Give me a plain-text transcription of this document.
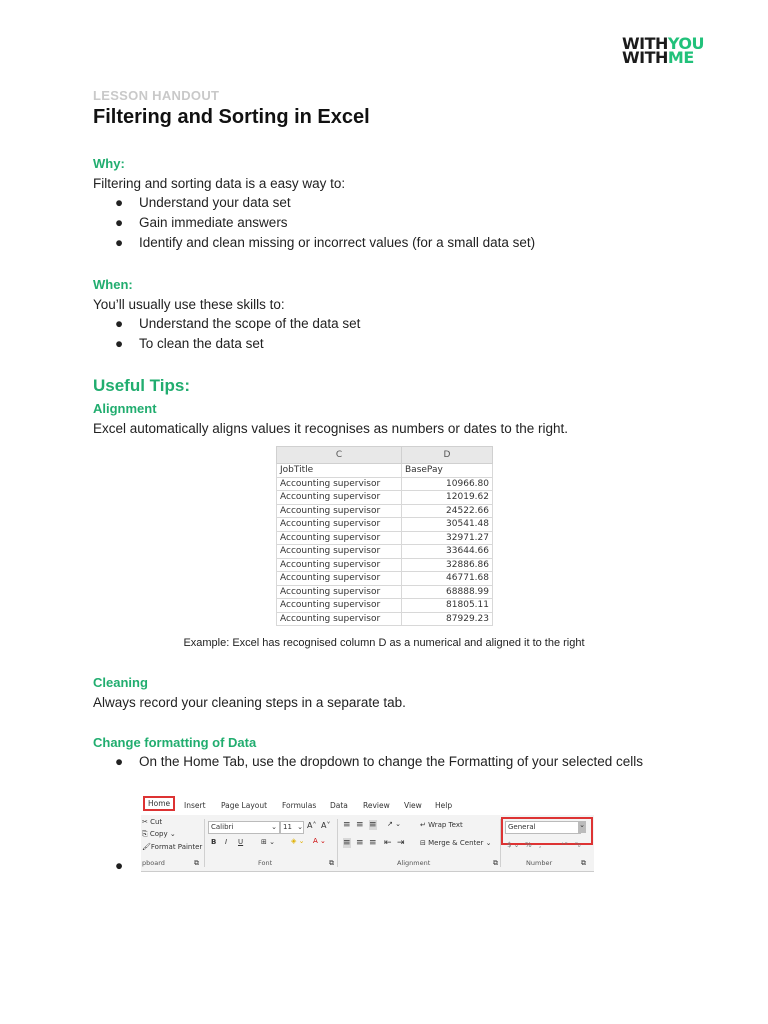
WITHYOU
WITHME
LESSON HANDOUT
Filtering and Sorting in Excel
Why:
Filtering and sorting data is a easy way to:
● Understand your data set
● Gain immediate answers
● Identify and clean missing or incorrect values (for a small data set)
When:
You’ll usually use these skills to:
● Understand the scope of the data set
● To clean the data set
Useful Tips:
Alignment
Excel automatically aligns values it recognises as numbers or dates to the right.
C	D
JobTitle	BasePay
Accounting supervisor	10966.80
Accounting supervisor	12019.62
Accounting supervisor	24522.66
Accounting supervisor	30541.48
Accounting supervisor	32971.27
Accounting supervisor	33644.66
Accounting supervisor	32886.86
Accounting supervisor	46771.68
Accounting supervisor	68888.99
Accounting supervisor	81805.11
Accounting supervisor	87929.23
Example: Excel has recognised column D as a numerical and aligned it to the right
Cleaning
Always record your cleaning steps in a separate tab.
Change formatting of Data
● On the Home Tab, use the dropdown to change the Formatting of your selected cells
Home	Insert Page Layout Formulas Data Review View Help
✂ Cut
⎘ Copy ⌄
🖌Format Painter
pboard	⧉
Calibri	⌄ 11 ⌄ A˄ A˅
B I U	⊞ ⌄ ◈ ⌄ A ⌄
Font	⧉
≡ ≡ ≡ ↗ ⌄
≡ ≡ ≡ ⇤ ⇥
↵ Wrap Text
⊟ Merge & Center ⌄
Alignment	⧉
General	⌄
$ ⌄ % ,	⁺⁰ ⁰₀
Number	⧉
●
